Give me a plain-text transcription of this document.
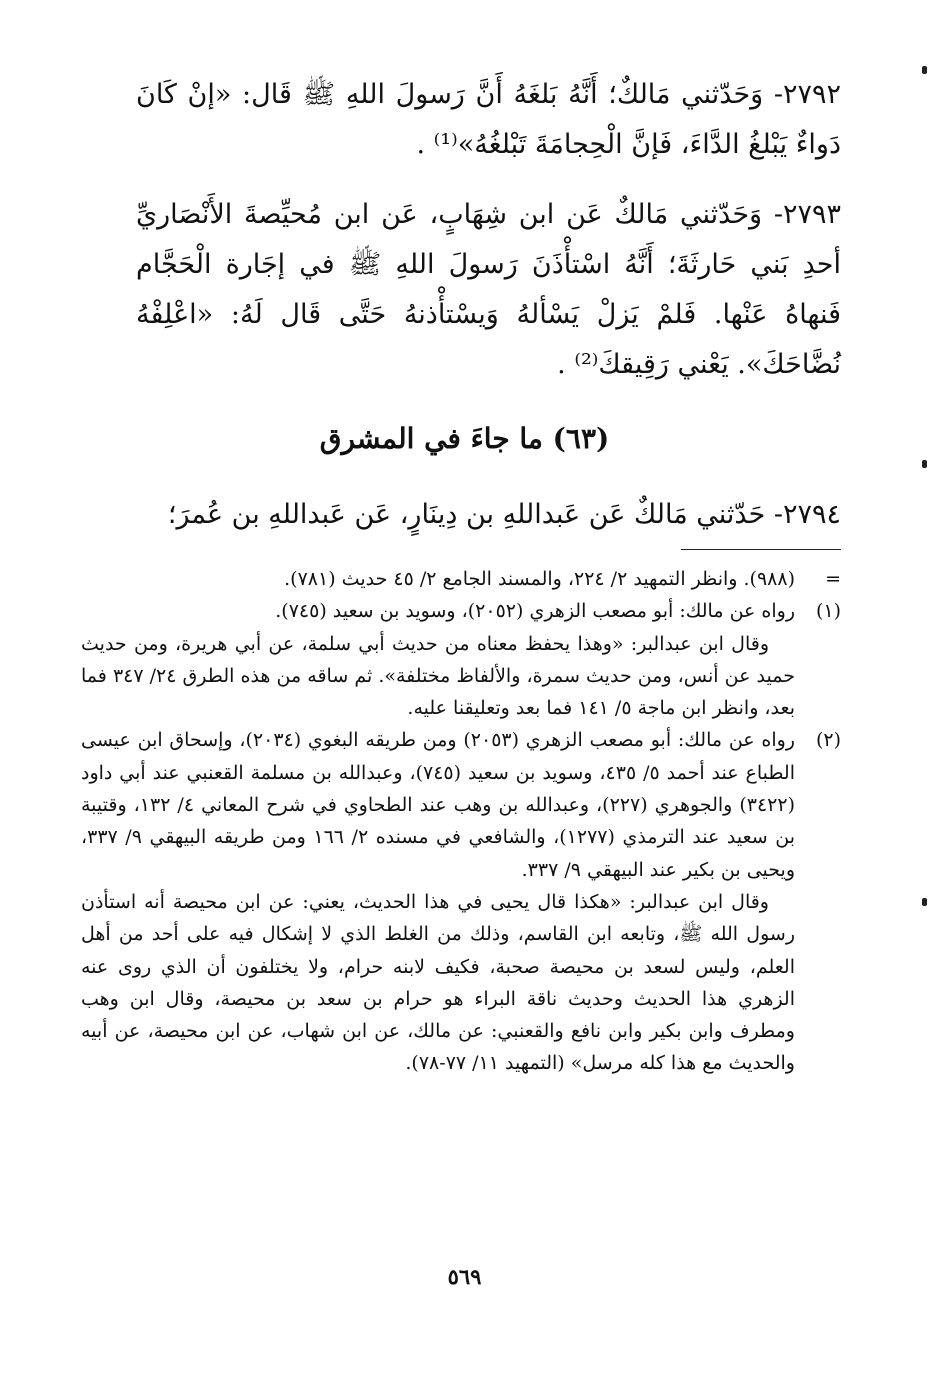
٢٧٩٢- وَحَدّثني مَالكٌ؛ أَنَّهُ بَلغَهُ أَنَّ رَسولَ اللهِ ﷺ قَال: «إنْ كَانَ دَواءٌ يَبْلغُ الدَّاءَ، فَإنَّ الْحِجامَةَ تَبْلغُهُ»⁽¹⁾ .

٢٧٩٣- وَحَدّثني مَالكٌ عَن ابن شِهَابٍ، عَن ابن مُحيِّصةَ الأَنْصَاريِّ أحدِ بَني حَارثَةَ؛ أَنَّهُ اسْتأْذَنَ رَسولَ اللهِ ﷺ في إجَارة الْحَجَّام فَنهاهُ عَنْها. فَلمْ يَزلْ يَسْألهُ وَيسْتأْذنهُ حَتَّى قَال لَهُ: «اعْلِفْهُ نُضَّاحَكَ». يَعْني رَقِيقكَ⁽²⁾ .

(٦٣) ما جاءَ في المشرق

٢٧٩٤- حَدّثني مَالكٌ عَن عَبداللهِ بن دِينَارٍ، عَن عَبداللهِ بن عُمرَ؛

=
(٩٨٨). وانظر التمهيد ٢/ ٢٢٤، والمسند الجامع ٢/ ٤٥ حديث (٧٨١).
(١)
رواه عن مالك: أبو مصعب الزهري (٢٠٥٢)، وسويد بن سعيد (٧٤٥).
وقال ابن عبدالبر: «وهذا يحفظ معناه من حديث أبي سلمة، عن أبي هريرة، ومن حديث حميد عن أنس، ومن حديث سمرة، والألفاظ مختلفة». ثم ساقه من هذه الطرق ٢٤/ ٣٤٧ فما بعد، وانظر ابن ماجة ٥/ ١٤١ فما بعد وتعليقنا عليه.
(٢)
رواه عن مالك: أبو مصعب الزهري (٢٠٥٣) ومن طريقه البغوي (٢٠٣٤)، وإسحاق ابن عيسى الطباع عند أحمد ٥/ ٤٣٥، وسويد بن سعيد (٧٤٥)، وعبدالله بن مسلمة القعنبي عند أبي داود (٣٤٢٢) والجوهري (٢٢٧)، وعبدالله بن وهب عند الطحاوي في شرح المعاني ٤/ ١٣٢، وقتيبة بن سعيد عند الترمذي (١٢٧٧)، والشافعي في مسنده ٢/ ١٦٦ ومن طريقه البيهقي ٩/ ٣٣٧، ويحيى بن بكير عند البيهقي ٩/ ٣٣٧.
وقال ابن عبدالبر: «هكذا قال يحيى في هذا الحديث، يعني: عن ابن محيصة أنه استأذن رسول الله ﷺ، وتابعه ابن القاسم، وذلك من الغلط الذي لا إشكال فيه على أحد من أهل العلم، وليس لسعد بن محيصة صحبة، فكيف لابنه حرام، ولا يختلفون أن الذي روى عنه الزهري هذا الحديث وحديث ناقة البراء هو حرام بن سعد بن محيصة، وقال ابن وهب ومطرف وابن بكير وابن نافع والقعنبي: عن مالك، عن ابن شهاب، عن ابن محيصة، عن أبيه والحديث مع هذا كله مرسل» (التمهيد ١١/ ٧٧-٧٨).
٥٦٩
